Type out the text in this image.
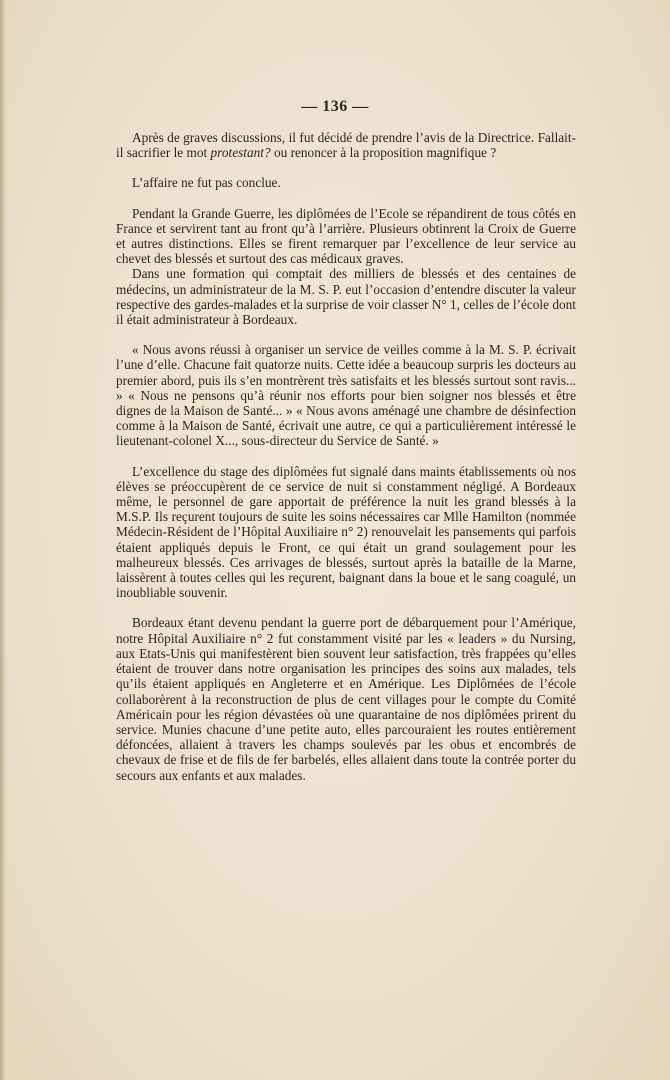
— 136 —

Après de graves discussions, il fut décidé de prendre l’avis de la Directrice. Fallait-il sacrifier le mot protestant? ou renoncer à la proposition magnifique ?

L’affaire ne fut pas conclue.

Pendant la Grande Guerre, les diplômées de l’Ecole se répandirent de tous côtés en France et servirent tant au front qu’à l’arrière. Plusieurs obtinrent la Croix de Guerre et autres distinctions. Elles se firent remarquer par l’excellence de leur service au chevet des blessés et surtout des cas médicaux graves.

Dans une formation qui comptait des milliers de blessés et des centaines de médecins, un administrateur de la M. S. P. eut l’occasion d’entendre discuter la valeur respective des gardes-malades et la surprise de voir classer N° 1, celles de l’école dont il était administrateur à Bordeaux.

« Nous avons réussi à organiser un service de veilles comme à la M. S. P. écrivait l’une d’elle. Chacune fait quatorze nuits. Cette idée a beaucoup surpris les docteurs au premier abord, puis ils s’en montrèrent très satisfaits et les blessés surtout sont ravis... » « Nous ne pensons qu’à réunir nos efforts pour bien soigner nos blessés et être dignes de la Maison de Santé... » « Nous avons aménagé une chambre de désinfection comme à la Maison de Santé, écrivait une autre, ce qui a particulièrement intéressé le lieutenant-colonel X..., sous-directeur du Service de Santé. »

L’excellence du stage des diplômées fut signalé dans maints établissements où nos élèves se préoccupèrent de ce service de nuit si constamment négligé. A Bordeaux même, le personnel de gare apportait de préférence la nuit les grand blessés à la M.S.P. Ils reçurent toujours de suite les soins nécessaires car Mlle Hamilton (nommée Médecin-Résident de l’Hôpital Auxiliaire n° 2) renouvelait les pansements qui parfois étaient appliqués depuis le Front, ce qui était un grand soulagement pour les malheureux blessés. Ces arrivages de blessés, surtout après la bataille de la Marne, laissèrent à toutes celles qui les reçurent, baignant dans la boue et le sang coagulé, un inoubliable souvenir.

Bordeaux étant devenu pendant la guerre port de débarquement pour l’Amérique, notre Hôpital Auxiliaire n° 2 fut constamment visité par les « leaders » du Nursing, aux Etats-Unis qui manifestèrent bien souvent leur satisfaction, très frappées qu’elles étaient de trouver dans notre organisation les principes des soins aux malades, tels qu’ils étaient appliqués en Angleterre et en Amérique. Les Diplômées de l’école collaborèrent à la reconstruction de plus de cent villages pour le compte du Comité Américain pour les région dévastées où une quarantaine de nos diplômées prirent du service. Munies chacune d’une petite auto, elles parcouraient les routes entièrement défoncées, allaient à travers les champs soulevés par les obus et encombrés de chevaux de frise et de fils de fer barbelés, elles allaient dans toute la contrée porter du secours aux enfants et aux malades.
